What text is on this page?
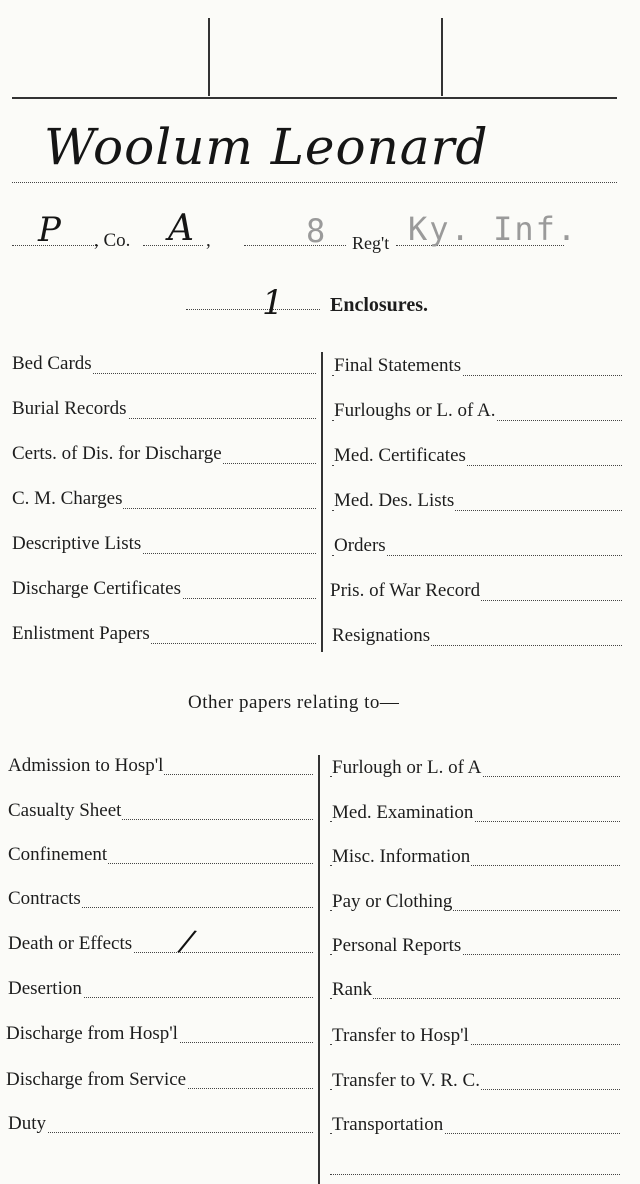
Woolum Leonard
P , Co. A ,	8 Reg't Ky. Inf.
1 Enclosures.
Bed Cards
Burial Records
Certs. of Dis. for Discharge
C. M. Charges
Descriptive Lists
Discharge Certificates
Enlistment Papers
Final Statements
Furloughs or L. of A.
Med. Certificates
Med. Des. Lists
Orders
Pris. of War Record
Resignations
Other papers relating to—
Admission to Hosp'l
Casualty Sheet
Confinement
Contracts
Death or Effects /
Desertion
Discharge from Hosp'l
Discharge from Service
Duty
Furlough or L. of A
Med. Examination
Misc. Information
Pay or Clothing
Personal Reports
Rank
Transfer to Hosp'l
Transfer to V. R. C.
Transportation
